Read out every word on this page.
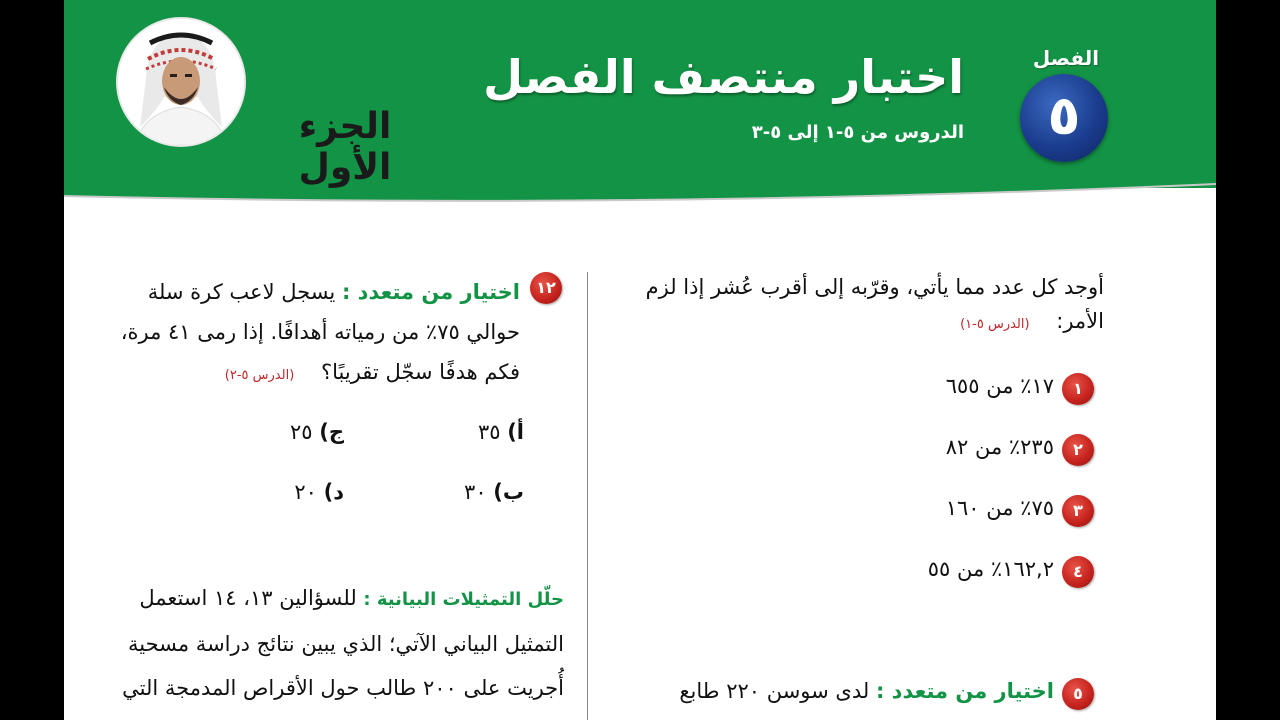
الجزء الأول
اختبار منتصف الفصل
الدروس من ٥-١ إلى ٥-٣
الفصل
٥
أوجد كل عدد مما يأتي، وقرّبه إلى أقرب عُشر إذا لزم
الأمر:    (الدرس ٥-١)
١
١٧٪ من ٦٥٥
٢
٢٣٥٪ من ٨٢
٣
٧٥٪ من ١٦٠
٤
١٦٢,٢٪ من ٥٥
٥
اختيار من متعدد : لدى سوسن ٢٢٠ طابع
١٢
اختيار من متعدد : يسجل لاعب كرة سلة
حوالي ٧٥٪ من رمياته أهدافًا. إذا رمى ٤١ مرة،
فكم هدفًا سجّل تقريبًا؟    (الدرس ٥-٢)
أ) ٣٥
ج) ٢٥
ب) ٣٠
د) ٢٠
حلّل التمثيلات البيانية : للسؤالين ١٣، ١٤ استعمل
التمثيل البياني الآتي؛ الذي يبين نتائج دراسة مسحية
أُجريت على ٢٠٠ طالب حول الأقراص المدمجة التي
